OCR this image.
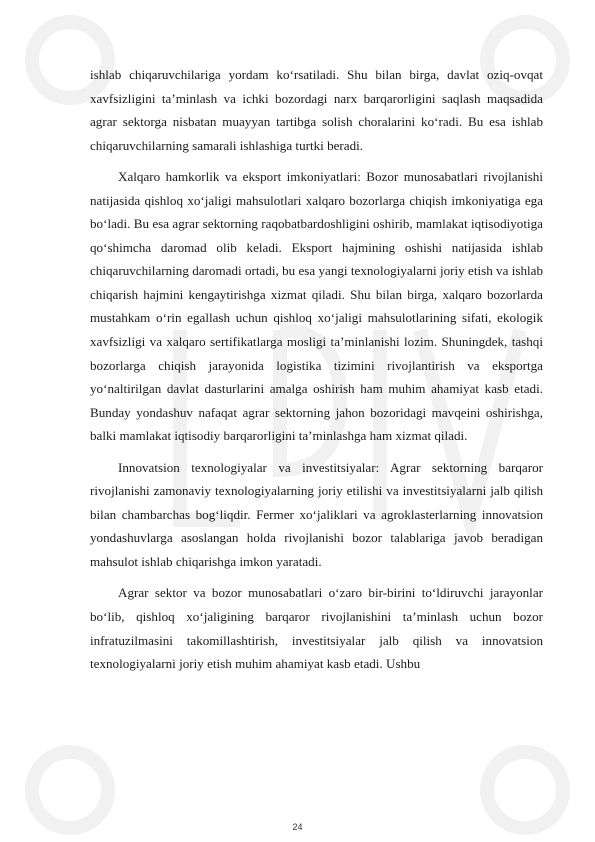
ishlab chiqaruvchilariga yordam ko‘rsatiladi. Shu bilan birga, davlat oziq-ovqat xavfsizligini ta’minlash va ichki bozordagi narx barqarorligini saqlash maqsadida agrar sektorga nisbatan muayyan tartibga solish choralarini ko‘radi. Bu esa ishlab chiqaruvchilarning samarali ishlashiga turtki beradi.

Xalqaro hamkorlik va eksport imkoniyatlari: Bozor munosabatlari rivojlanishi natijasida qishloq xo‘jaligi mahsulotlari xalqaro bozorlarga chiqish imkoniyatiga ega bo‘ladi. Bu esa agrar sektorning raqobatbardoshligini oshirib, mamlakat iqtisodiyotiga qo‘shimcha daromad olib keladi. Eksport hajmining oshishi natijasida ishlab chiqaruvchilarning daromadi ortadi, bu esa yangi texnologiyalarni joriy etish va ishlab chiqarish hajmini kengaytirishga xizmat qiladi. Shu bilan birga, xalqaro bozorlarda mustahkam o‘rin egallash uchun qishloq xo‘jaligi mahsulotlarining sifati, ekologik xavfsizligi va xalqaro sertifikatlarga mosligi ta’minlanishi lozim. Shuningdek, tashqi bozorlarga chiqish jarayonida logistika tizimini rivojlantirish va eksportga yo‘naltirilgan davlat dasturlarini amalga oshirish ham muhim ahamiyat kasb etadi. Bunday yondashuv nafaqat agrar sektorning jahon bozoridagi mavqeini oshirishga, balki mamlakat iqtisodiy barqarorligini ta’minlashga ham xizmat qiladi.

Innovatsion texnologiyalar va investitsiyalar: Agrar sektorning barqaror rivojlanishi zamonaviy texnologiyalarning joriy etilishi va investitsiyalarni jalb qilish bilan chambarchas bog‘liqdir. Fermer xo‘jaliklari va agroklasterlarning innovatsion yondashuvlarga asoslangan holda rivojlanishi bozor talablariga javob beradigan mahsulot ishlab chiqarishga imkon yaratadi.

Agrar sektor va bozor munosabatlari o‘zaro bir-birini to‘ldiruvchi jarayonlar bo‘lib, qishloq xo‘jaligining barqaror rivojlanishini ta’minlash uchun bozor infratuzilmasini takomillashtirish, investitsiyalar jalb qilish va innovatsion texnologiyalarni joriy etish muhim ahamiyat kasb etadi. Ushbu

24
